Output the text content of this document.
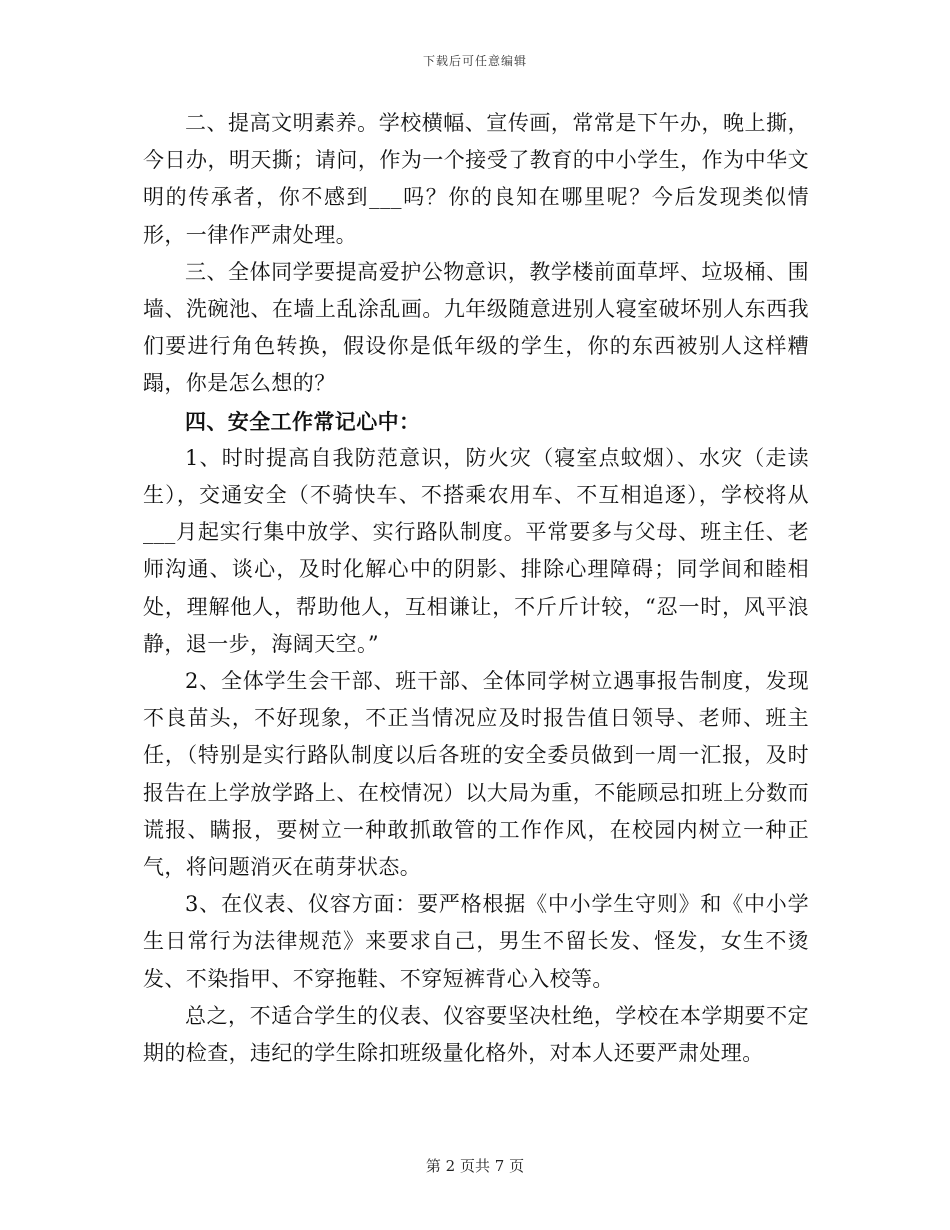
下载后可任意编辑

二、提高文明素养。学校横幅、宣传画，常常是下午办，晚上撕，今日办，明天撕；请问，作为一个接受了教育的中小学生，作为中华文明的传承者，你不感到___吗？你的良知在哪里呢？今后发现类似情形，一律作严肃处理。

三、全体同学要提高爱护公物意识，教学楼前面草坪、垃圾桶、围墙、洗碗池、在墙上乱涂乱画。九年级随意进别人寝室破坏别人东西我们要进行角色转换，假设你是低年级的学生，你的东西被别人这样糟蹋，你是怎么想的？

四、安全工作常记心中：

1、时时提高自我防范意识，防火灾（寝室点蚊烟）、水灾（走读生），交通安全（不骑快车、不搭乘农用车、不互相追逐），学校将从___月起实行集中放学、实行路队制度。平常要多与父母、班主任、老师沟通、谈心，及时化解心中的阴影、排除心理障碍；同学间和睦相处，理解他人，帮助他人，互相谦让，不斤斤计较，“忍一时，风平浪静，退一步，海阔天空。”

2、全体学生会干部、班干部、全体同学树立遇事报告制度，发现不良苗头，不好现象，不正当情况应及时报告值日领导、老师、班主任，（特别是实行路队制度以后各班的安全委员做到一周一汇报，及时报告在上学放学路上、在校情况）以大局为重，不能顾忌扣班上分数而谎报、瞒报，要树立一种敢抓敢管的工作作风，在校园内树立一种正气，将问题消灭在萌芽状态。

3、在仪表、仪容方面：要严格根据《中小学生守则》和《中小学生日常行为法律规范》来要求自己，男生不留长发、怪发，女生不烫发、不染指甲、不穿拖鞋、不穿短裤背心入校等。

总之，不适合学生的仪表、仪容要坚决杜绝，学校在本学期要不定期的检查，违纪的学生除扣班级量化格外，对本人还要严肃处理。

第 2 页共 7 页
